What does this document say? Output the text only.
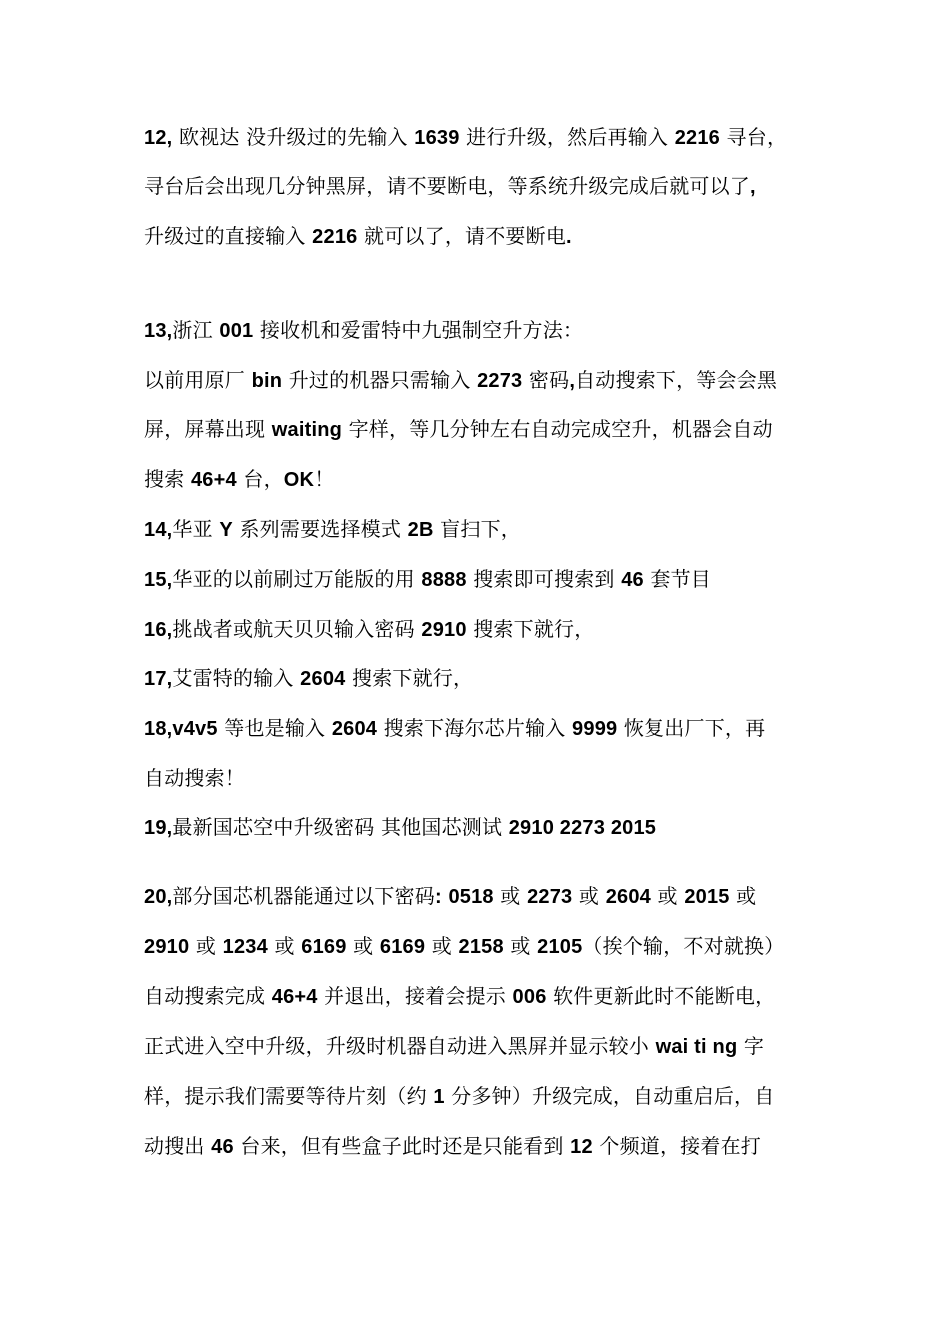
12, 欧视达 没升级过的先输入 1639 进行升级，然后再输入 2216 寻台，
寻台后会出现几分钟黑屏，请不要断电，等系统升级完成后就可以了,
升级过的直接输入 2216 就可以了，请不要断电.
13,浙江 001 接收机和爱雷特中九强制空升方法：
以前用原厂 bin 升过的机器只需输入 2273 密码,自动搜索下，等会会黑
屏，屏幕出现 waiting 字样，等几分钟左右自动完成空升，机器会自动
搜索 46+4 台，OK！
14,华亚 Y 系列需要选择模式 2B 盲扫下，
15,华亚的以前刷过万能版的用 8888 搜索即可搜索到 46 套节目
16,挑战者或航天贝贝输入密码 2910 搜索下就行，
17,艾雷特的输入 2604 搜索下就行，
18,v4v5 等也是输入 2604 搜索下海尔芯片输入 9999 恢复出厂下，再
自动搜索！
19,最新国芯空中升级密码 其他国芯测试 2910 2273 2015
20,部分国芯机器能通过以下密码: 0518 或 2273 或 2604 或 2015 或
2910 或 1234 或 6169 或 6169 或 2158 或 2105（挨个输，不对就换）
自动搜索完成 46+4 并退出，接着会提示 006 软件更新此时不能断电，
正式进入空中升级，升级时机器自动进入黑屏并显示较小 wai ti ng 字
样，提示我们需要等待片刻（约 1 分多钟）升级完成，自动重启后，自
动搜出 46 台来，但有些盒子此时还是只能看到 12 个频道，接着在打
